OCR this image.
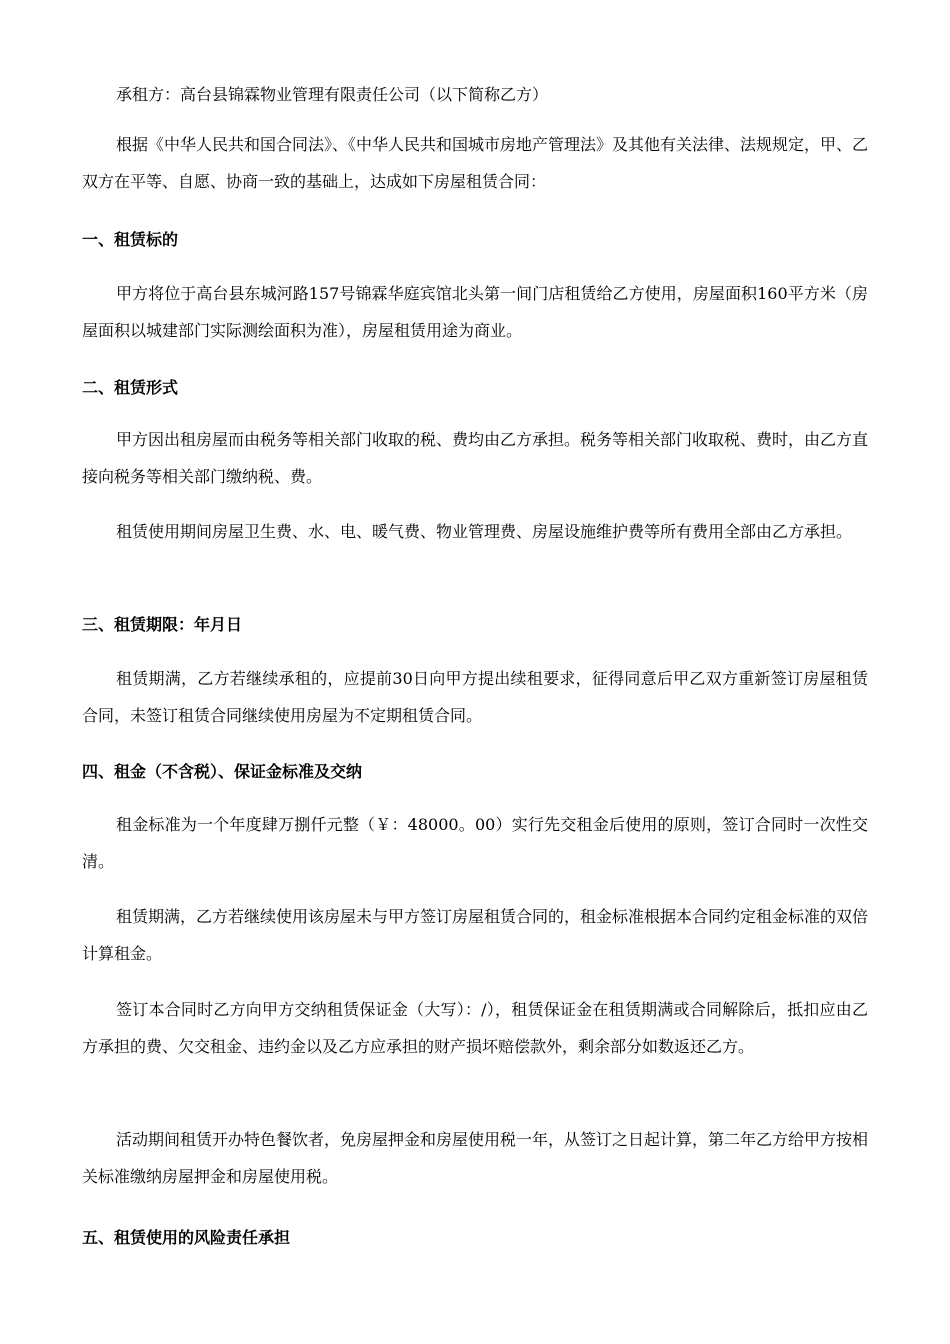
承租方：高台县锦霖物业管理有限责任公司（以下简称乙方）

根据《中华人民共和国合同法》、《中华人民共和国城市房地产管理法》及其他有关法律、法规规定，甲、乙双方在平等、自愿、协商一致的基础上，达成如下房屋租赁合同：

一、租赁标的

甲方将位于高台县东城河路157号锦霖华庭宾馆北头第一间门店租赁给乙方使用，房屋面积160平方米（房屋面积以城建部门实际测绘面积为准），房屋租赁用途为商业。

二、租赁形式

甲方因出租房屋而由税务等相关部门收取的税、费均由乙方承担。税务等相关部门收取税、费时，由乙方直接向税务等相关部门缴纳税、费。

租赁使用期间房屋卫生费、水、电、暖气费、物业管理费、房屋设施维护费等所有费用全部由乙方承担。

三、租赁期限：年月日

租赁期满，乙方若继续承租的，应提前30日向甲方提出续租要求，征得同意后甲乙双方重新签订房屋租赁合同，未签订租赁合同继续使用房屋为不定期租赁合同。

四、租金（不含税）、保证金标准及交纳

租金标准为一个年度肆万捌仟元整（￥：48000。00）实行先交租金后使用的原则，签订合同时一次性交清。

租赁期满，乙方若继续使用该房屋未与甲方签订房屋租赁合同的，租金标准根据本合同约定租金标准的双倍计算租金。

签订本合同时乙方向甲方交纳租赁保证金（大写）：/），租赁保证金在租赁期满或合同解除后，抵扣应由乙方承担的费、欠交租金、违约金以及乙方应承担的财产损坏赔偿款外，剩余部分如数返还乙方。

活动期间租赁开办特色餐饮者，免房屋押金和房屋使用税一年，从签订之日起计算，第二年乙方给甲方按相关标准缴纳房屋押金和房屋使用税。

五、租赁使用的风险责任承担
